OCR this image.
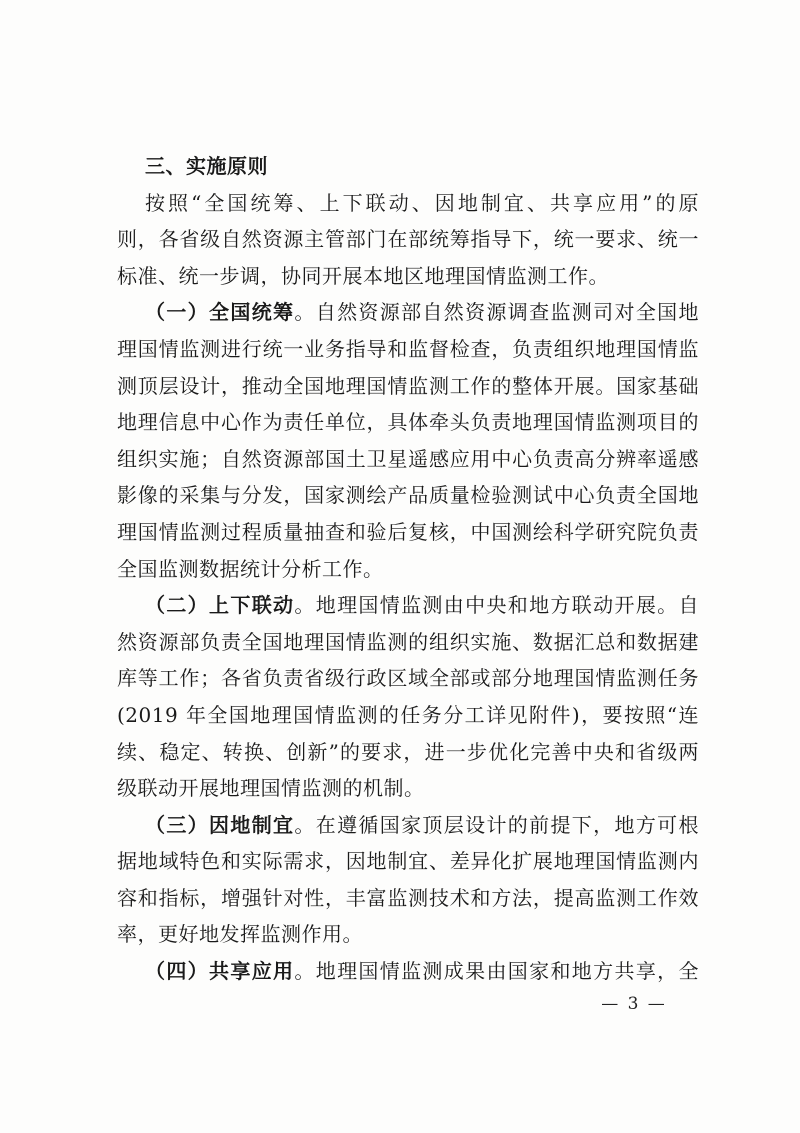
三、实施原则
按照“全国统筹、上下联动、因地制宜、共享应用”的原
则，各省级自然资源主管部门在部统筹指导下，统一要求、统一
标准、统一步调，协同开展本地区地理国情监测工作。
（一）全国统筹。自然资源部自然资源调查监测司对全国地
理国情监测进行统一业务指导和监督检查，负责组织地理国情监
测顶层设计，推动全国地理国情监测工作的整体开展。国家基础
地理信息中心作为责任单位，具体牵头负责地理国情监测项目的
组织实施；自然资源部国土卫星遥感应用中心负责高分辨率遥感
影像的采集与分发，国家测绘产品质量检验测试中心负责全国地
理国情监测过程质量抽查和验后复核，中国测绘科学研究院负责
全国监测数据统计分析工作。
（二）上下联动。地理国情监测由中央和地方联动开展。自
然资源部负责全国地理国情监测的组织实施、数据汇总和数据建
库等工作；各省负责省级行政区域全部或部分地理国情监测任务
(2019 年全国地理国情监测的任务分工详见附件)，要按照“连
续、稳定、转换、创新”的要求，进一步优化完善中央和省级两
级联动开展地理国情监测的机制。
（三）因地制宜。在遵循国家顶层设计的前提下，地方可根
据地域特色和实际需求，因地制宜、差异化扩展地理国情监测内
容和指标，增强针对性，丰富监测技术和方法，提高监测工作效
率，更好地发挥监测作用。
（四）共享应用。地理国情监测成果由国家和地方共享，全
— 3 —
